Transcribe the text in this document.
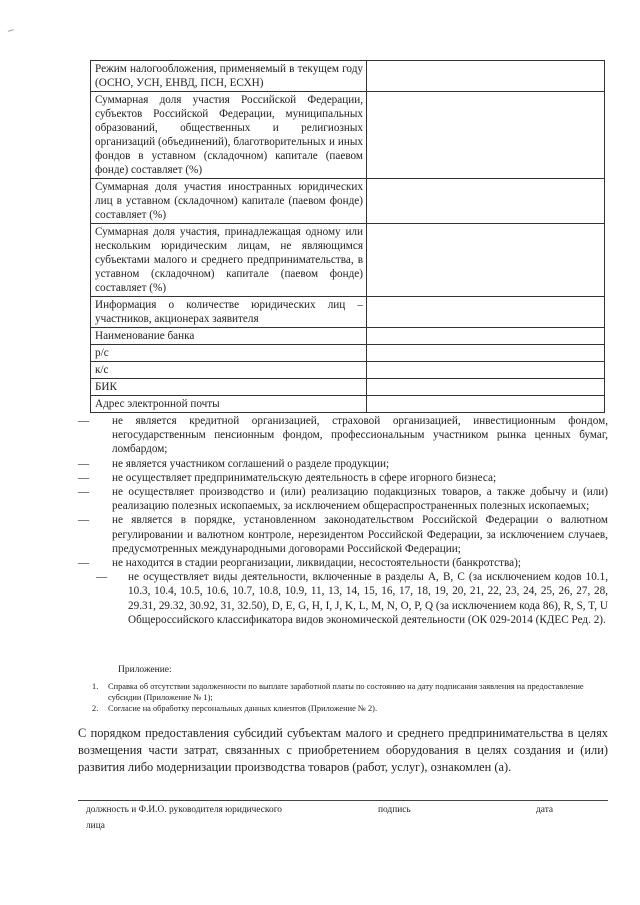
Режим налогообложения, применяемый в текущем году (ОСНО, УСН, ЕНВД, ПСН, ЕСХН)	
Суммарная доля участия Российской Федерации, субъектов Российской Федерации, муниципальных образований, общественных и религиозных организаций (объединений), благотворительных и иных фондов в уставном (складочном) капитале (паевом фонде) составляет (%)	
Суммарная доля участия иностранных юридических лиц в уставном (складочном) капитале (паевом фонде) составляет (%)	
Суммарная доля участия, принадлежащая одному или нескольким юридическим лицам, не являющимся субъектами малого и среднего предпринимательства, в уставном (складочном) капитале (паевом фонде) составляет (%)	
Информация о количестве юридических лиц –участников, акционерах заявителя	
Наименование банка	
р/с	
к/с	
БИК	
Адрес электронной почты	
—	не является кредитной организацией, страховой организацией, инвестиционным фондом, негосударственным пенсионным фондом, профессиональным участником рынка ценных бумаг, ломбардом;
—	не является участником соглашений о разделе продукции;
—	не осуществляет предпринимательскую деятельность в сфере игорного бизнеса;
—	не осуществляет производство и (или) реализацию подакцизных товаров, а также добычу и (или) реализацию полезных ископаемых, за исключением общераспространенных полезных ископаемых;
—	не является в порядке, установленном законодательством Российской Федерации о валютном регулировании и валютном контроле, нерезидентом Российской Федерации, за исключением случаев, предусмотренных международными договорами Российской Федерации;
—	не находится в стадии реорганизации, ликвидации, несостоятельности (банкротства);
—	не осуществляет виды деятельности, включенные в разделы A, B, C (за исключением кодов 10.1, 10.3, 10.4, 10.5, 10.6, 10.7, 10.8, 10.9, 11, 13, 14, 15, 16, 17, 18, 19, 20, 21, 22, 23, 24, 25, 26, 27, 28, 29.31, 29.32, 30.92, 31, 32.50), D, E, G, H, I, J, K, L, M, N, O, P, Q (за исключением кода 86), R, S, T, U Общероссийского классификатора видов экономической деятельности (ОК 029-2014 (КДЕС Ред. 2).
Приложение:
1. Справка об отсутствии задолженности по выплате заработной платы по состоянию на дату подписания заявления на предоставление субсидии (Приложение № 1);
2. Согласие на обработку персональных данных клиентов (Приложение № 2).
С порядком предоставления субсидий субъектам малого и среднего предпринимательства в целях возмещения части затрат, связанных с приобретением оборудования в целях создания и (или) развития либо модернизации производства товаров (работ, услуг), ознакомлен (а).
должность и Ф.И.О. руководителя юридического лица
подпись	дата
